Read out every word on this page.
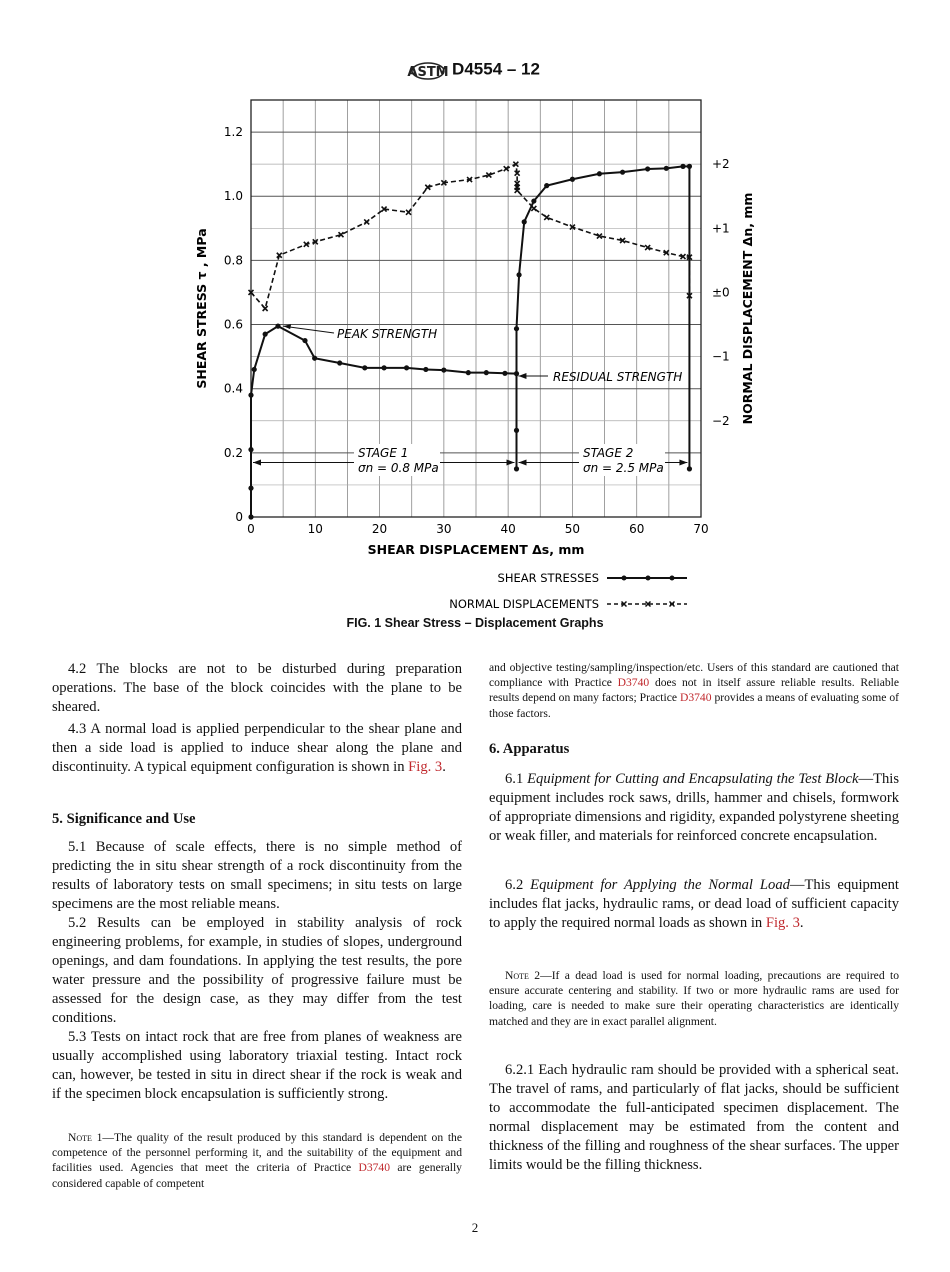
ASTM D4554 – 12
0	10	20	30	40	50	60	70
0
0.2
0.4
0.6
0.8
1.0
1.2
+2
+1
±0
−1
−2
SHEAR DISPLACEMENT Δs, mm
SHEAR STRESS τ , MPa	NORMAL DISPLACEMENT Δn, mm
PEAK STRENGTH
RESIDUAL STRENGTH
STAGE 1
σn = 0.8 MPa
STAGE 2
σn = 2.5 MPa
SHEAR STRESSES
NORMAL DISPLACEMENTS
FIG. 1 Shear Stress – Displacement Graphs

4.2 The blocks are not to be disturbed during preparation operations. The base of the block coincides with the plane to be sheared.

4.3 A normal load is applied perpendicular to the shear plane and then a side load is applied to induce shear along the plane and discontinuity. A typical equipment configuration is shown in Fig. 3.

5. Significance and Use

5.1 Because of scale effects, there is no simple method of predicting the in situ shear strength of a rock discontinuity from the results of laboratory tests on small specimens; in situ tests on large specimens are the most reliable means.

5.2 Results can be employed in stability analysis of rock engineering problems, for example, in studies of slopes, underground openings, and dam foundations. In applying the test results, the pore water pressure and the possibility of progressive failure must be assessed for the design case, as they may differ from the test conditions.

5.3 Tests on intact rock that are free from planes of weakness are usually accomplished using laboratory triaxial testing. Intact rock can, however, be tested in situ in direct shear if the rock is weak and if the specimen block encapsulation is sufficiently strong.

Note 1—The quality of the result produced by this standard is dependent on the competence of the personnel performing it, and the suitability of the equipment and facilities used. Agencies that meet the criteria of Practice D3740 are generally considered capable of competent

and objective testing/sampling/inspection/etc. Users of this standard are cautioned that compliance with Practice D3740 does not in itself assure reliable results. Reliable results depend on many factors; Practice D3740 provides a means of evaluating some of those factors.

6. Apparatus

6.1 Equipment for Cutting and Encapsulating the Test Block—This equipment includes rock saws, drills, hammer and chisels, formwork of appropriate dimensions and rigidity, expanded polystyrene sheeting or weak filler, and materials for reinforced concrete encapsulation.

6.2 Equipment for Applying the Normal Load—This equipment includes flat jacks, hydraulic rams, or dead load of sufficient capacity to apply the required normal loads as shown in Fig. 3.

Note 2—If a dead load is used for normal loading, precautions are required to ensure accurate centering and stability. If two or more hydraulic rams are used for loading, care is needed to make sure their operating characteristics are identically matched and they are in exact parallel alignment.

6.2.1 Each hydraulic ram should be provided with a spherical seat. The travel of rams, and particularly of flat jacks, should be sufficient to accommodate the full-anticipated specimen displacement. The normal displacement may be estimated from the content and thickness of the filling and roughness of the shear surfaces. The upper limits would be the filling thickness.

2
